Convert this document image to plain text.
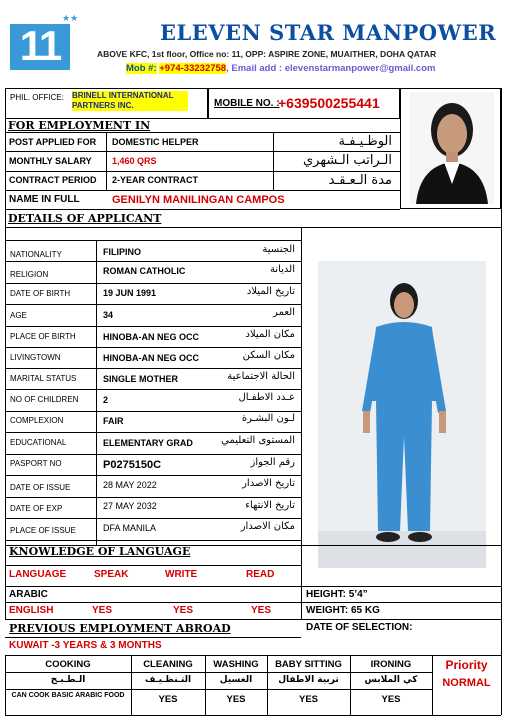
11
★★
★	ELEVEN STAR MANPOWER
ABOVE KFC, 1st floor, Office no: 11, OPP: ASPIRE ZONE, MUAITHER, DOHA QATAR
Mob #: +974-33232758, Email add : elevenstarmanpower@gmail.com
PHIL. OFFICE: BRINELL INTERNATIONAL PARTNERS INC.	MOBILE NO. :
+639500255441
FOR EMPLOYMENT IN
POST APPLIED FOR DOMESTIC HELPER	الوظـيـفـة
MONTHLY SALARY 1,460 QRS	الـراتب الـشهري
CONTRACT PERIOD 2-YEAR CONTRACT	مدة الـعـقـد
NAME IN FULL	GENILYN MANILINGAN CAMPOS
DETAILS OF APPLICANT
NATIONALITY	FILIPINO	الجنسية
RELIGION	ROMAN CATHOLIC	الديانة
DATE OF BIRTH	19 JUN 1991	تاريخ الميلاد
AGE	34	العمر
PLACE OF BIRTH	HINOBA-AN NEG OCC	مكان الميلاد
LIVINGTOWN	HINOBA-AN NEG OCC	مكان السكن
MARITAL STATUS	SINGLE MOTHER	الحالة الاجتماعية
NO OF CHILDREN	2	عـدد الاطفـال
COMPLEXION	FAIR	لـون البشـرة
EDUCATIONAL	ELEMENTARY GRAD	المستوى التعليمي
PASPORT NO	P0275150C	رقم الجواز
DATE OF ISSUE	28 MAY 2022	تاريخ الاصدار
DATE OF EXP	27 MAY 2032	تاريخ الانتهاء
PLACE OF ISSUE	DFA MANILA	مكان الاصدار
KNOWLEDGE OF LANGUAGE
LANGUAGE	SPEAK	WRITE	READ
ARABIC
ENGLISH	YES	YES	YES
HEIGHT: 5’4”
WEIGHT: 65 KG
PREVIOUS EMPLOYMENT ABROAD	DATE OF SELECTION:
KUWAIT -3 YEARS & 3 MONTHS
COOKING	CLEANING	WASHING	BABY SITTING	IRONING	Priority
الـطـبـخ	التـنظـيـف	الغسيل	تربية الاطفال	كي الملابس	NORMAL
CAN COOK BASIC ARABIC FOOD	YES	YES	YES	YES
